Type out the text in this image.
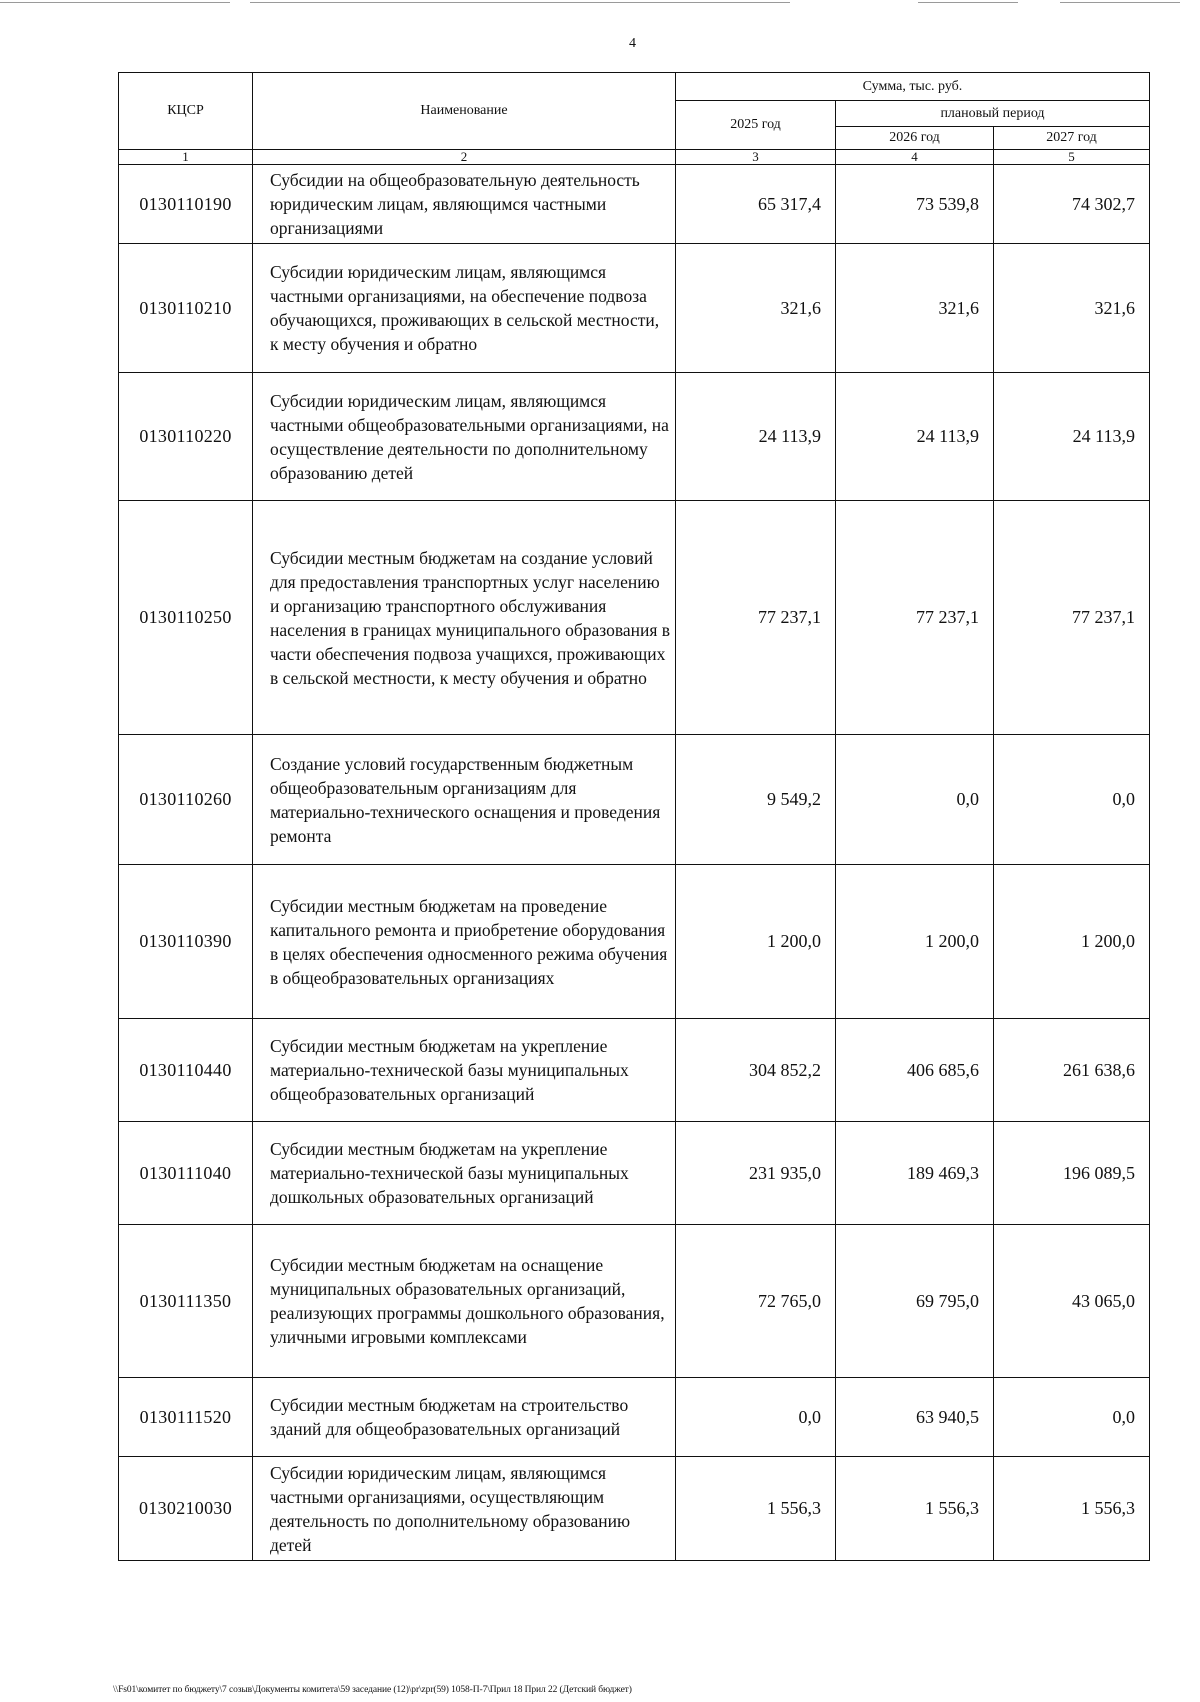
4
КЦСР	Наименование	Сумма, тыс. руб.		
		2025 год	плановый период	
			2026 год	2027 год
1	2	3	4	5
0130110190	Субсидии на общеобразовательную деятельность юридическим лицам, являющимся частными организациями	65 317,4	73 539,8	74 302,7
0130110210	Субсидии юридическим лицам, являющимся частными организациями, на обеспечение подвоза обучающихся, проживающих в сельской местности, к месту обучения и обратно	321,6	321,6	321,6
0130110220	Субсидии юридическим лицам, являющимся частными общеобразовательными организациями, на осуществление деятельности по дополнительному образованию детей	24 113,9	24 113,9	24 113,9
0130110250	Субсидии местным бюджетам на создание условий для предоставления транспортных услуг населению и организацию транспортного обслуживания населения в границах муниципального образования в части обеспечения подвоза учащихся, проживающих в сельской местности, к месту обучения и обратно	77 237,1	77 237,1	77 237,1
0130110260	Создание условий государственным бюджетным общеобразовательным организациям для материально-технического оснащения и проведения ремонта	9 549,2	0,0	0,0
0130110390	Субсидии местным бюджетам на проведение капитального ремонта и приобретение оборудования в целях обеспечения односменного режима обучения в общеобразовательных организациях	1 200,0	1 200,0	1 200,0
0130110440	Субсидии местным бюджетам на укрепление материально-технической базы муниципальных общеобразовательных организаций	304 852,2	406 685,6	261 638,6
0130111040	Субсидии местным бюджетам на укрепление материально-технической базы муниципальных дошкольных образовательных организаций	231 935,0	189 469,3	196 089,5
0130111350	Субсидии местным бюджетам на оснащение муниципальных образовательных организаций, реализующих программы дошкольного образования, уличными игровыми комплексами	72 765,0	69 795,0	43 065,0
0130111520	Субсидии местным бюджетам на строительство зданий для общеобразовательных организаций	0,0	63 940,5	0,0
0130210030	Субсидии юридическим лицам, являющимся частными организациями, осуществляющим деятельность по дополнительному образованию детей	1 556,3	1 556,3	1 556,3
\\Fs01\комитет по бюджету\7 созыв\Документы комитета\59 заседание (12)\pr\zpr(59) 1058-П-7\Прил 18 Прил 22 (Детский бюджет)
